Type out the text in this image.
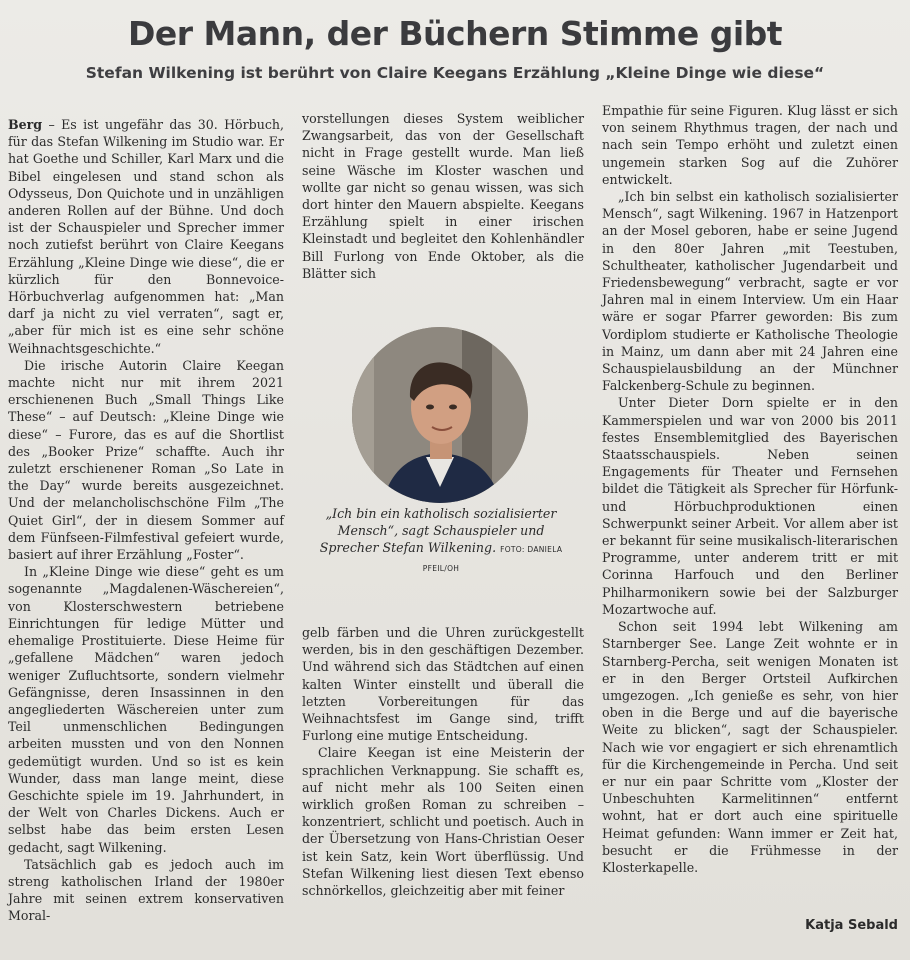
Der Mann, der Büchern Stimme gibt
Stefan Wilkening ist berührt von Claire Keegans Erzählung „Kleine Dinge wie diese“

Berg – Es ist ungefähr das 30. Hörbuch, für das Stefan Wilkening im Studio war. Er hat Goethe und Schiller, Karl Marx und die Bibel eingelesen und stand schon als Odysseus, Don Quichote und in unzähligen anderen Rollen auf der Bühne. Und doch ist der Schauspieler und Sprecher immer noch zutiefst berührt von Claire Keegans Erzählung „Kleine Dinge wie diese“, die er kürzlich für den Bonnevoice-Hörbuchverlag aufgenommen hat: „Man darf ja nicht zu viel verraten“, sagt er, „aber für mich ist es eine sehr schöne Weihnachtsgeschichte.“

Die irische Autorin Claire Keegan machte nicht nur mit ihrem 2021 erschienenen Buch „Small Things Like These“ – auf Deutsch: „Kleine Dinge wie diese“ – Furore, das es auf die Shortlist des „Booker Prize“ schaffte. Auch ihr zuletzt erschienener Roman „So Late in the Day“ wurde bereits ausgezeichnet. Und der melancholischschöne Film „The Quiet Girl“, der in diesem Sommer auf dem Fünfseen-Filmfestival gefeiert wurde, basiert auf ihrer Erzählung „Foster“.

In „Kleine Dinge wie diese“ geht es um sogenannte „Magdalenen-Wäschereien“, von Klosterschwestern betriebene Einrichtungen für ledige Mütter und ehemalige Prostituierte. Diese Heime für „gefallene Mädchen“ waren jedoch weniger Zufluchtsorte, sondern vielmehr Gefängnisse, deren Insassinnen in den angegliederten Wäschereien unter zum Teil unmenschlichen Bedingungen arbeiten mussten und von den Nonnen gedemütigt wurden. Und so ist es kein Wunder, dass man lange meint, diese Geschichte spiele im 19. Jahrhundert, in der Welt von Charles Dickens. Auch er selbst habe das beim ersten Lesen gedacht, sagt Wilkening.

Tatsächlich gab es jedoch auch im streng katholischen Irland der 1980er Jahre mit seinen extrem konservativen Moral-

vorstellungen dieses System weiblicher Zwangsarbeit, das von der Gesellschaft nicht in Frage gestellt wurde. Man ließ seine Wäsche im Kloster waschen und wollte gar nicht so genau wissen, was sich dort hinter den Mauern abspielte. Keegans Erzählung spielt in einer irischen Kleinstadt und begleitet den Kohlenhändler Bill Furlong von Ende Oktober, als die Blätter sich

„Ich bin ein katholisch sozialisierter Mensch“, sagt Schauspieler und Sprecher Stefan Wilkening. FOTO: DANIELA PFEIL/OH

gelb färben und die Uhren zurückgestellt werden, bis in den geschäftigen Dezember. Und während sich das Städtchen auf einen kalten Winter einstellt und überall die letzten Vorbereitungen für das Weihnachtsfest im Gange sind, trifft Furlong eine mutige Entscheidung.

Claire Keegan ist eine Meisterin der sprachlichen Verknappung. Sie schafft es, auf nicht mehr als 100 Seiten einen wirklich großen Roman zu schreiben – konzentriert, schlicht und poetisch. Auch in der Übersetzung von Hans-Christian Oeser ist kein Satz, kein Wort überflüssig. Und Stefan Wilkening liest diesen Text ebenso schnörkellos, gleichzeitig aber mit feiner

Empathie für seine Figuren. Klug lässt er sich von seinem Rhythmus tragen, der nach und nach sein Tempo erhöht und zuletzt einen ungemein starken Sog auf die Zuhörer entwickelt.

„Ich bin selbst ein katholisch sozialisierter Mensch“, sagt Wilkening. 1967 in Hatzenport an der Mosel geboren, habe er seine Jugend in den 80er Jahren „mit Teestuben, Schultheater, katholischer Jugendarbeit und Friedensbewegung“ verbracht, sagte er vor Jahren mal in einem Interview. Um ein Haar wäre er sogar Pfarrer geworden: Bis zum Vordiplom studierte er Katholische Theologie in Mainz, um dann aber mit 24 Jahren eine Schauspielausbildung an der Münchner Falckenberg-Schule zu beginnen.

Unter Dieter Dorn spielte er in den Kammerspielen und war von 2000 bis 2011 festes Ensemblemitglied des Bayerischen Staatsschauspiels. Neben seinen Engagements für Theater und Fernsehen bildet die Tätigkeit als Sprecher für Hörfunk- und Hörbuchproduktionen einen Schwerpunkt seiner Arbeit. Vor allem aber ist er bekannt für seine musikalisch-literarischen Programme, unter anderem tritt er mit Corinna Harfouch und den Berliner Philharmonikern sowie bei der Salzburger Mozartwoche auf.

Schon seit 1994 lebt Wilkening am Starnberger See. Lange Zeit wohnte er in Starnberg-Percha, seit wenigen Monaten ist er in den Berger Ortsteil Aufkirchen umgezogen. „Ich genieße es sehr, von hier oben in die Berge und auf die bayerische Weite zu blicken“, sagt der Schauspieler. Nach wie vor engagiert er sich ehrenamtlich für die Kirchengemeinde in Percha. Und seit er nur ein paar Schritte vom „Kloster der Unbeschuhten Karmelitinnen“ entfernt wohnt, hat er dort auch eine spirituelle Heimat gefunden: Wann immer er Zeit hat, besucht er die Frühmesse in der Klosterkapelle.

Katja Sebald
